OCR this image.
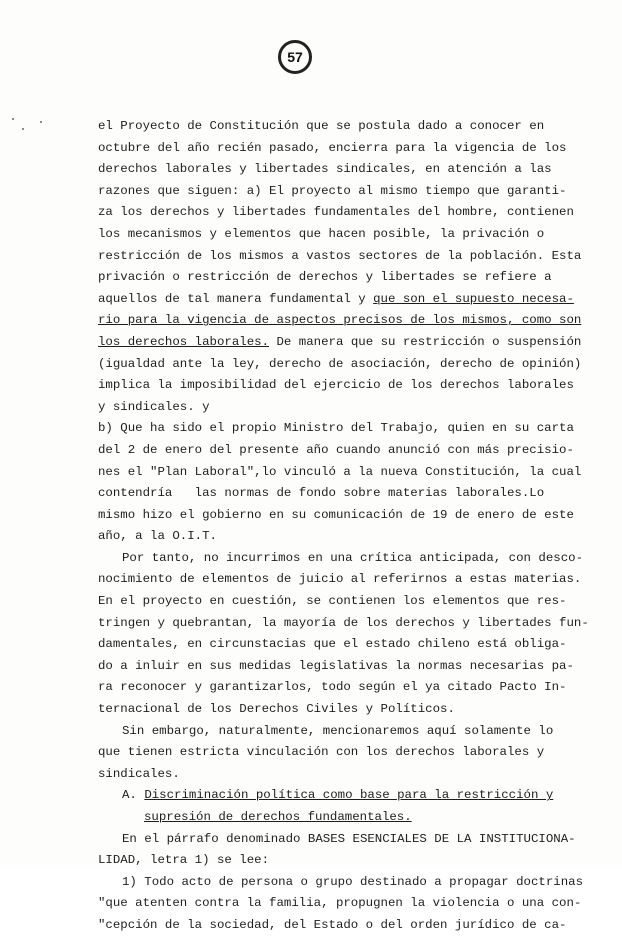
57
el Proyecto de Constitución que se postula dado a conocer en
octubre del año recién pasado, encierra para la vigencia de los
derechos laborales y libertades sindicales, en atención a las
razones que siguen: a) El proyecto al mismo tiempo que garanti-
za los derechos y libertades fundamentales del hombre, contienen
los mecanismos y elementos que hacen posible, la privación o
restricción de los mismos a vastos sectores de la población. Esta
privación o restricción de derechos y libertades se refiere a
aquellos de tal manera fundamental y que son el supuesto necesa-
rio para la vigencia de aspectos precisos de los mismos, como son
los derechos laborales. De manera que su restricción o suspensión
(igualdad ante la ley, derecho de asociación, derecho de opinión)
implica la imposibilidad del ejercicio de los derechos laborales
y sindicales. y
b) Que ha sido el propio Ministro del Trabajo, quien en su carta
del 2 de enero del presente año cuando anunció con más precisio-
nes el "Plan Laboral",lo vinculó a la nueva Constitución, la cual
contendría   las normas de fondo sobre materias laborales.Lo
mismo hizo el gobierno en su comunicación de 19 de enero de este
año, a la O.I.T.
Por tanto, no incurrimos en una crítica anticipada, con desco-
nocimiento de elementos de juicio al referirnos a estas materias.
En el proyecto en cuestión, se contienen los elementos que res-
tringen y quebrantan, la mayoría de los derechos y libertades fun-
damentales, en circunstacias que el estado chileno está obliga-
do a inluir en sus medidas legislativas la normas necesarias pa-
ra reconocer y garantizarlos, todo según el ya citado Pacto In-
ternacional de los Derechos Civiles y Políticos.
Sin embargo, naturalmente, mencionaremos aquí solamente lo
que tienen estricta vinculación con los derechos laborales y
sindicales.
A. Discriminación política como base para la restricción y
supresión de derechos fundamentales.
En el párrafo denominado BASES ESENCIALES DE LA INSTITUCIONA-
LIDAD, letra 1) se lee:
1) Todo acto de persona o grupo destinado a propagar doctrinas
"que atenten contra la familia, propugnen la violencia o una con-
"cepción de la sociedad, del Estado o del orden jurídico de ca-
